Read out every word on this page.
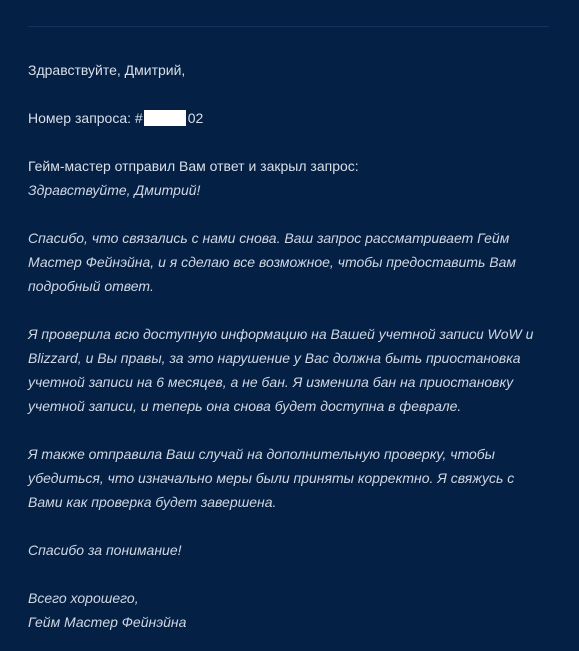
Здравствуйте, Дмитрий,
Номер запроса: #	02
Гейм-мастер отправил Вам ответ и закрыл запрос:
Здравствуйте, Дмитрий!
Спасибо, что связались с нами снова. Ваш запрос рассматривает Гейм
Мастер Фейнэйна, и я сделаю все возможное, чтобы предоставить Вам
подробный ответ.
Я проверила всю доступную информацию на Вашей учетной записи WoW и
Blizzard, и Вы правы, за это нарушение у Вас должна быть приостановка
учетной записи на 6 месяцев, а не бан. Я изменила бан на приостановку
учетной записи, и теперь она снова будет доступна в феврале.
Я также отправила Ваш случай на дополнительную проверку, чтобы
убедиться, что изначально меры были приняты корректно. Я свяжусь с
Вами как проверка будет завершена.
Спасибо за понимание!
Всего хорошего,
Гейм Мастер Фейнэйна
